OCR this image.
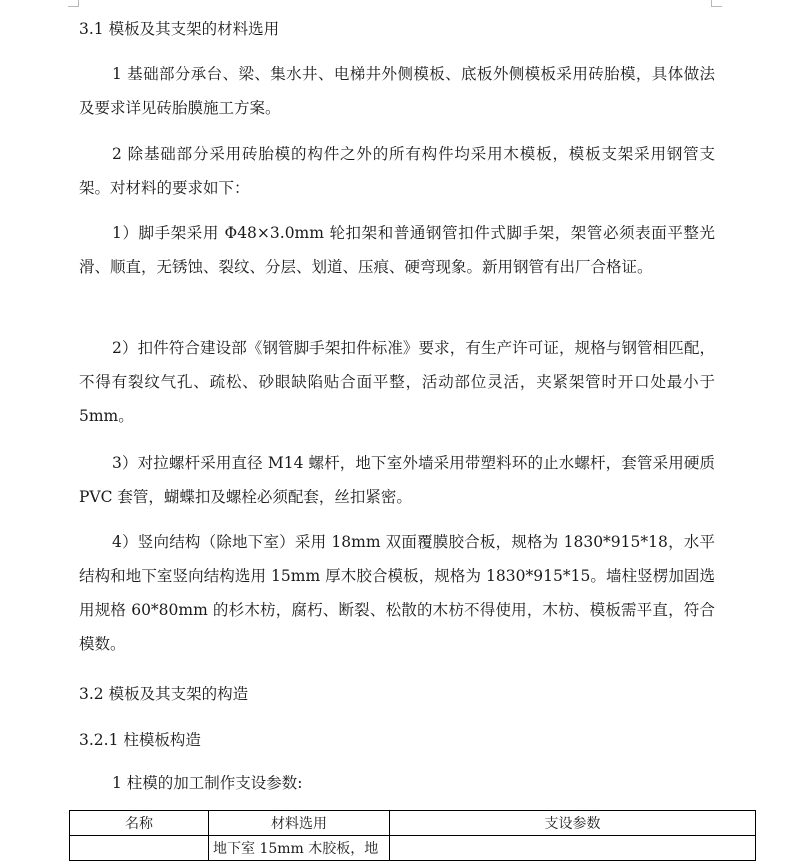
3.1 模板及其支架的材料选用
1 基础部分承台、梁、集水井、电梯井外侧模板、底板外侧模板采用砖胎模，具体做法及要求详见砖胎膜施工方案。
2 除基础部分采用砖胎模的构件之外的所有构件均采用木模板，模板支架采用钢管支架。对材料的要求如下：
1）脚手架采用 Φ48×3.0mm 轮扣架和普通钢管扣件式脚手架，架管必须表面平整光滑、顺直，无锈蚀、裂纹、分层、划道、压痕、硬弯现象。新用钢管有出厂合格证。
2）扣件符合建设部《钢管脚手架扣件标准》要求，有生产许可证，规格与钢管相匹配，不得有裂纹气孔、疏松、砂眼缺陷贴合面平整，活动部位灵活，夹紧架管时开口处最小于 5mm。
3）对拉螺杆采用直径 M14 螺杆，地下室外墙采用带塑料环的止水螺杆，套管采用硬质 PVC 套管，蝴蝶扣及螺栓必须配套，丝扣紧密。
4）竖向结构（除地下室）采用 18mm 双面覆膜胶合板，规格为 1830*915*18，水平结构和地下室竖向结构选用 15mm 厚木胶合模板，规格为 1830*915*15。墙柱竖楞加固选用规格 60*80mm 的杉木枋，腐朽、断裂、松散的木枋不得使用，木枋、模板需平直，符合模数。
3.2 模板及其支架的构造
3.2.1 柱模板构造
1 柱模的加工制作支设参数:
名称	材料选用	支设参数

	地下室 15mm 木胶板，地	
